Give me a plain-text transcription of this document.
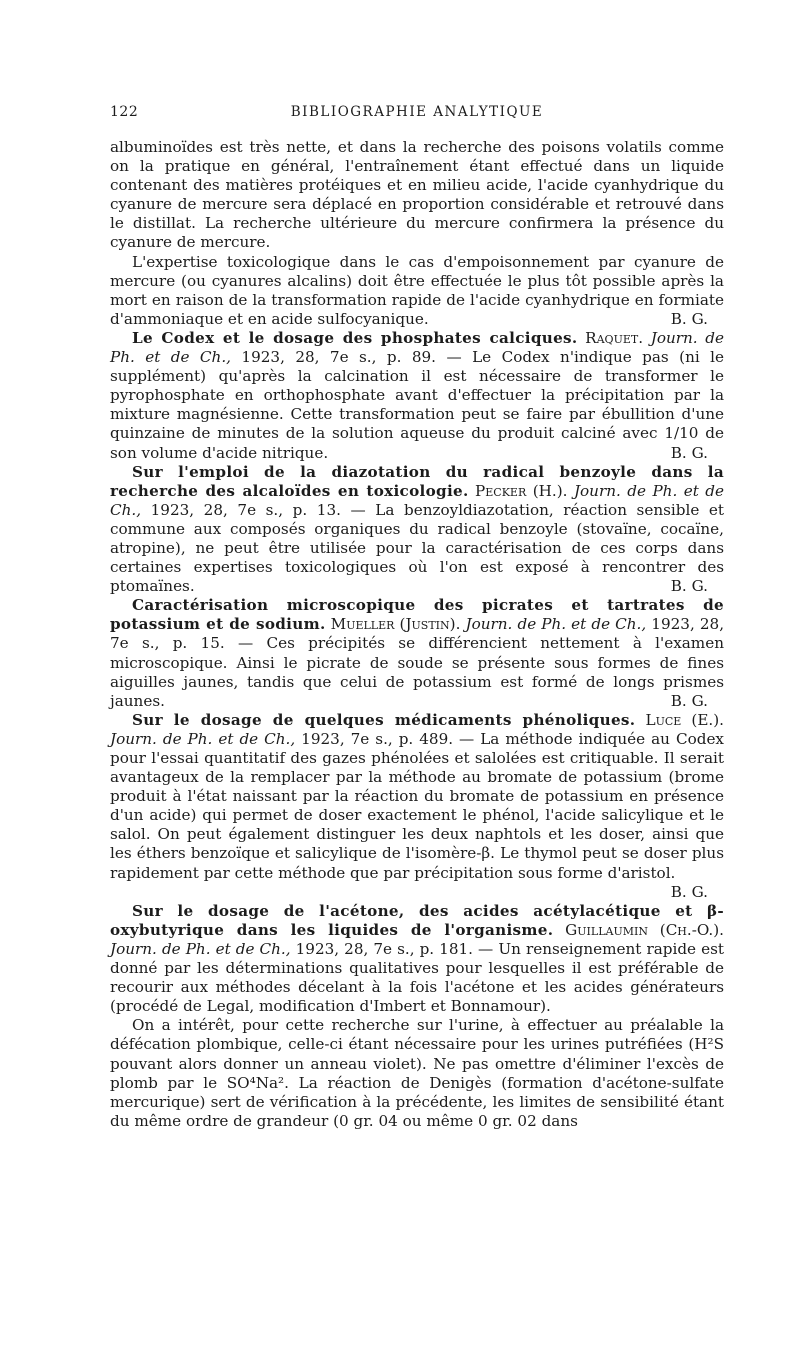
122	BIBLIOGRAPHIE ANALYTIQUE

albuminoïdes est très nette, et dans la recherche des poisons volatils comme on la pratique en général, l'entraînement étant effectué dans un liquide contenant des matières protéiques et en milieu acide, l'acide cyanhydrique du cyanure de mercure sera déplacé en proportion considérable et retrouvé dans le distillat. La recherche ultérieure du mercure confirmera la présence du cyanure de mercure.

L'expertise toxicologique dans le cas d'empoisonnement par cyanure de mercure (ou cyanures alcalins) doit être effectuée le plus tôt possible après la mort en raison de la transformation rapide de l'acide cyanhydrique en formiate d'ammoniaque et en acide sulfocyanique.	B. G.

Le Codex et le dosage des phosphates calciques. Raquet. Journ. de Ph. et de Ch., 1923, 28, 7e s., p. 89. — Le Codex n'indique pas (ni le supplément) qu'après la calcination il est nécessaire de transformer le pyrophosphate en orthophosphate avant d'effectuer la précipitation par la mixture magnésienne. Cette transformation peut se faire par ébullition d'une quinzaine de minutes de la solution aqueuse du produit calciné avec 1/10 de son volume d'acide nitrique.	B. G.

Sur l'emploi de la diazotation du radical benzoyle dans la recherche des alcaloïdes en toxicologie. Pecker (H.). Journ. de Ph. et de Ch., 1923, 28, 7e s., p. 13. — La benzoyldiazotation, réaction sensible et commune aux composés organiques du radical benzoyle (stovaïne, cocaïne, atropine), ne peut être utilisée pour la caractérisation de ces corps dans certaines expertises toxicologiques où l'on est exposé à rencontrer des ptomaïnes.	B. G.

Caractérisation microscopique des picrates et tartrates de potassium et de sodium. Mueller (Justin). Journ. de Ph. et de Ch., 1923, 28, 7e s., p. 15. — Ces précipités se différencient nettement à l'examen microscopique. Ainsi le picrate de soude se présente sous formes de fines aiguilles jaunes, tandis que celui de potassium est formé de longs prismes jaunes.	B. G.

Sur le dosage de quelques médicaments phénoliques. Luce (E.). Journ. de Ph. et de Ch., 1923, 7e s., p. 489. — La méthode indiquée au Codex pour l'essai quantitatif des gazes phénolées et salolées est critiquable. Il serait avantageux de la remplacer par la méthode au bromate de potassium (brome produit à l'état naissant par la réaction du bromate de potassium en présence d'un acide) qui permet de doser exactement le phénol, l'acide salicylique et le salol. On peut également distinguer les deux naphtols et les doser, ainsi que les éthers benzoïque et salicylique de l'isomère-β. Le thymol peut se doser plus rapidement par cette méthode que par précipitation sous forme d'aristol.
B. G.

Sur le dosage de l'acétone, des acides acétylacétique et β-oxybutyrique dans les liquides de l'organisme. Guillaumin (Ch.-O.). Journ. de Ph. et de Ch., 1923, 28, 7e s., p. 181. — Un renseignement rapide est donné par les déterminations qualitatives pour lesquelles il est préférable de recourir aux méthodes décelant à la fois l'acétone et les acides générateurs (procédé de Legal, modification d'Imbert et Bonnamour).

On a intérêt, pour cette recherche sur l'urine, à effectuer au préalable la défécation plombique, celle-ci étant nécessaire pour les urines putréfiées (H²S pouvant alors donner un anneau violet). Ne pas omettre d'éliminer l'excès de plomb par le SO⁴Na². La réaction de Denigès (formation d'acétone-sulfate mercurique) sert de vérification à la précédente, les limites de sensibilité étant du même ordre de grandeur (0 gr. 04 ou même 0 gr. 02 dans
